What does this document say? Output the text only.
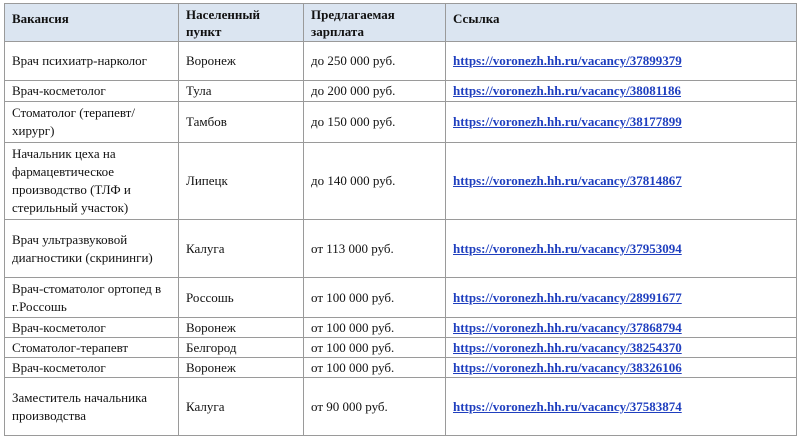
Вакансия	Населенный пункт	Предлагаемая зарплата	Ссылка
Врач психиатр-нарколог	Воронеж	до 250 000 руб.	https://voronezh.hh.ru/vacancy/37899379
Врач-косметолог	Тула	до 200 000 руб.	https://voronezh.hh.ru/vacancy/38081186
Стоматолог (терапевт/хирург)	Тамбов	до 150 000 руб.	https://voronezh.hh.ru/vacancy/38177899
Начальник цеха на фармацевтическое производство (ТЛФ и стерильный участок)	Липецк	до 140 000 руб.	https://voronezh.hh.ru/vacancy/37814867
Врач ультразвуковой диагностики (скрининги)	Калуга	от 113 000 руб.	https://voronezh.hh.ru/vacancy/37953094
Врач-стоматолог ортопед в г.Россошь	Россошь	от 100 000 руб.	https://voronezh.hh.ru/vacancy/28991677
Врач-косметолог	Воронеж	от 100 000 руб.	https://voronezh.hh.ru/vacancy/37868794
Стоматолог-терапевт	Белгород	от 100 000 руб.	https://voronezh.hh.ru/vacancy/38254370
Врач-косметолог	Воронеж	от 100 000 руб.	https://voronezh.hh.ru/vacancy/38326106
Заместитель начальника производства	Калуга	от 90 000 руб.	https://voronezh.hh.ru/vacancy/37583874
